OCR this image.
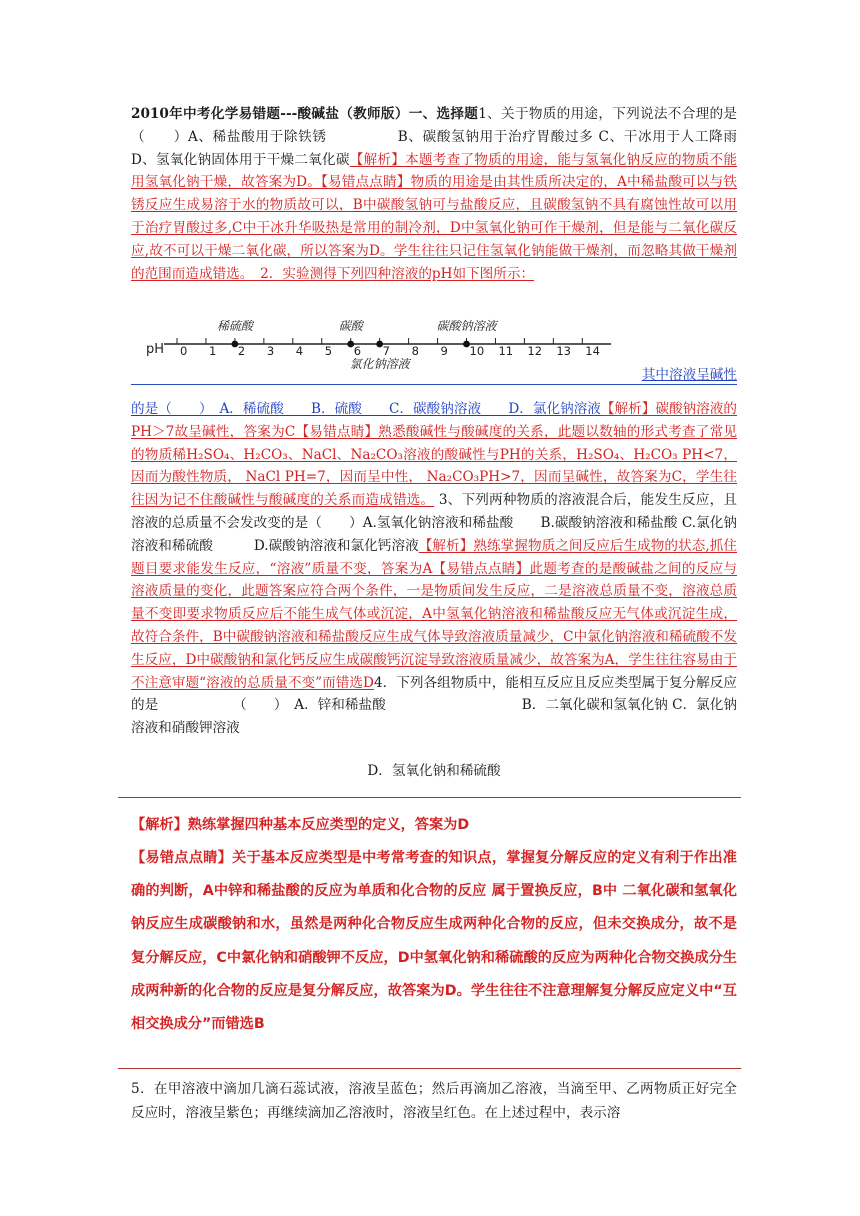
2010年中考化学易错题---酸碱盐（教师版）一、选择题1、关于物质的用途，下列说法不合理的是（　　）A、稀盐酸用于除铁锈　　　　　B、碳酸氢钠用于治疗胃酸过多 C、干冰用于人工降雨　　　　　D、氢氧化钠固体用于干燥二氧化碳【解析】本题考查了物质的用途，能与氢氧化钠反应的物质不能用氢氧化钠干燥，故答案为D。【易错点点睛】物质的用途是由其性质所决定的，A中稀盐酸可以与铁锈反应生成易溶于水的物质故可以，B中碳酸氢钠可与盐酸反应，且碳酸氢钠不具有腐蚀性故可以用于治疗胃酸过多,C中干冰升华吸热是常用的制冷剂，D中氢氧化钠可作干燥剂，但是能与二氧化碳反应,故不可以干燥二氧化碳，所以答案为D。学生往往只记住氢氧化钠能做干燥剂，而忽略其做干燥剂的范围而造成错选。　 2．实验测得下列四种溶液的pH如下图所示：
pH 0 1 2 3 4 5 6 7 8 9 10 11 12 13 14
稀硫酸	碳酸
氯化钠溶液
碳酸钠溶液
其中溶液呈碱性
的是（　　）　A．稀硫酸　　B．硫酸　　C．碳酸钠溶液　　D．氯化钠溶液【解析】碳酸钠溶液的PH＞7故呈碱性，答案为C【易错点睛】熟悉酸碱性与酸碱度的关系，此题以数轴的形式考查了常见的物质稀H₂SO₄、H₂CO₃、NaCl、Na₂CO₃溶液的酸碱性与PH的关系，H₂SO₄、H₂CO₃ PH<7，因而为酸性物质， NaCl PH=7，因而呈中性， Na₂CO₃PH>7，因而呈碱性，故答案为C，学生往往因为记不住酸碱性与酸碱度的关系而造成错选。 3、下列两种物质的溶液混合后，能发生反应，且溶液的总质量不会发改变的是（　　）A.氢氧化钠溶液和稀盐酸　　B.碳酸钠溶液和稀盐酸 C.氯化钠溶液和稀硫酸　　　D.碳酸钠溶液和氯化钙溶液【解析】熟练掌握物质之间反应后生成物的状态,抓住题目要求能发生反应，“溶液”质量不变，答案为A【易错点点睛】此题考查的是酸碱盐之间的反应与溶液质量的变化，此题答案应符合两个条件，一是物质间发生反应，二是溶液总质量不变，溶液总质量不变即要求物质反应后不能生成气体或沉淀，A中氢氧化钠溶液和稀盐酸反应无气体或沉淀生成，故符合条件，B中碳酸钠溶液和稀盐酸反应生成气体导致溶液质量减少，C中氯化钠溶液和稀硫酸不发生反应，D中碳酸钠和氯化钙反应生成碳酸钙沉淀导致溶液质量减少，故答案为A，学生往往容易由于不注意审题“溶液的总质量不变”而错选D4．下列各组物质中，能相互反应且反应类型属于复分解反应的是　　　　　　（　　）　A．锌和稀盐酸　　　　　　　　　　B．二氧化碳和氢氧化钠 C．氯化钠溶液和硝酸钾溶液
D．氢氧化钠和稀硫酸
【解析】熟练掌握四种基本反应类型的定义，答案为D
【易错点点睛】关于基本反应类型是中考常考查的知识点，掌握复分解反应的定义有利于作出准确的判断，A中锌和稀盐酸的反应为单质和化合物的反应 属于置换反应，B中 二氧化碳和氢氧化钠反应生成碳酸钠和水，虽然是两种化合物反应生成两种化合物的反应，但未交换成分，故不是复分解反应，C中氯化钠和硝酸钾不反应，D中氢氧化钠和稀硫酸的反应为两种化合物交换成分生成两种新的化合物的反应是复分解反应，故答案为D。学生往往不注意理解复分解反应定义中“互相交换成分”而错选B
5．在甲溶液中滴加几滴石蕊试液，溶液呈蓝色；然后再滴加乙溶液，当滴至甲、乙两物质正好完全反应时，溶液呈紫色；再继续滴加乙溶液时，溶液呈红色。在上述过程中，表示溶
